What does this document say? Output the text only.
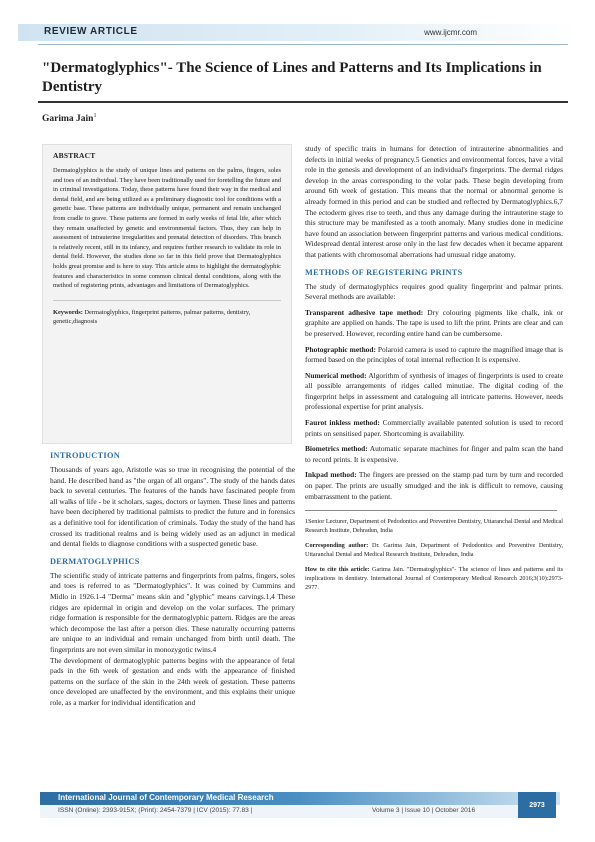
REVIEW ARTICLE	www.ijcmr.com
"Dermatoglyphics"- The Science of Lines and Patterns and Its Implications in Dentistry
Garima Jain$^1$
ABSTRACT

Dermatoglyphics is the study of unique lines and patterns on the palms, fingers, soles and toes of an individual. They have been traditionally used for foretelling the future and in criminal investigations. Today, these patterns have found their way in the medical and dental field, and are being utilized as a preliminary diagnostic tool for conditions with a genetic base. These patterns are individually unique, permanent and remain unchanged from cradle to grave. These patterns are formed in early weeks of fetal life, after which they remain unaffected by genetic and environmental factors. Thus, they can help in assessment of intrauterine irregularities and prenatal detection of disorders. This branch is relatively recent, still in its infancy, and requires further research to validate its role in dental field. However, the studies done so far in this field prove that Dermatoglyphics holds great promise and is here to stay. This article aims to highlight the dermatoglyphic features and characteristics in some common clinical dental conditions, along with the method of registering prints, advantages and limitations of Dermatoglyphics.

Keywords: Dermatoglyphics, fingerprint patterns, palmar patterns, dentistry, genetic,diagnosis
INTRODUCTION

Thousands of years ago, Aristotle was so true in recognising the potential of the hand. He described hand as "the organ of all organs". The study of the hands dates back to several centuries. The features of the hands have fascinated people from all walks of life - be it scholars, sages, doctors or laymen. These lines and patterns have been deciphered by traditional palmists to predict the future and in forensics as a definitive tool for identification of criminals. Today the study of the hand has crossed its traditional realms and is being widely used as an adjunct in medical and dental fields to diagnose conditions with a suspected genetic base.

DERMATOGLYPHICS

The scientific study of intricate patterns and fingerprints from palms, fingers, soles and toes is referred to as "Dermatoglyphics". It was coined by Cummins and Midlo in 1926.1-4 "Derma" means skin and "glyphic" means carvings.1,4 These ridges are epidermal in origin and develop on the volar surfaces. The primary ridge formation is responsible for the dermatoglyphic pattern. Ridges are the areas which decompose the last after a person dies. These naturally occurring patterns are unique to an individual and remain unchanged from birth until death. The fingerprints are not even similar in monozygotic twins.4

The development of dermatoglyphic patterns begins with the appearance of fetal pads in the 6th week of gestation and ends with the appearance of finished patterns on the surface of the skin in the 24th week of gestation. These patterns once developed are unaffected by the environment, and this explains their unique role, as a marker for individual identification and

study of specific traits in humans for detection of intrauterine abnormalities and defects in initial weeks of pregnancy.5 Genetics and environmental forces, have a vital role in the genesis and development of an individual's fingerprints. The dermal ridges develop in the areas corresponding to the volar pads. These begin developing from around 6th week of gestation. This means that the normal or abnormal genome is already formed in this period and can be studied and reflected by Dermatoglyphics.6,7 The ectoderm gives rise to teeth, and thus any damage during the intrauterine stage to this structure may be manifested as a tooth anomaly. Many studies done in medicine have found an association between fingerprint patterns and various medical conditions. Widespread dental interest arose only in the last few decades when it became apparent that patients with chromosomal aberrations had unusual ridge anatomy.

METHODS OF REGISTERING PRINTS

The study of dermatoglyphics requires good quality fingerprint and palmar prints. Several methods are available:

Transparent adhesive tape method: Dry colouring pigments like chalk, ink or graphite are applied on hands. The tape is used to lift the print. Prints are clear and can be preserved. However, recording entire hand can be cumbersome.

Photographic method: Polaroid camera is used to capture the magnified image that is formed based on the principles of total internal reflection It is expensive.

Numerical method: Algorithm of synthesis of images of fingerprints is used to create all possible arrangements of ridges called minutiae. The digital coding of the fingerprint helps in assessment and cataloguing all intricate patterns. However, needs professional expertise for print analysis.

Faurot inkless method: Commercially available patented solution is used to record prints on sensitised paper. Shortcoming is availability.

Biometrics method: Automatic separate machines for finger and palm scan the hand to record prints. It is expensive.

Inkpad method: The fingers are pressed on the stamp pad turn by turn and recorded on paper. The prints are usually smudged and the ink is difficult to remove, causing embarrassment to the patient.

1Senior Lecturer, Department of Pedodontics and Preventive Dentistry, Uttaranchal Dental and Medical Research Institute, Dehradun, India

Corresponding author: Dr. Garima Jain, Department of Pedodontics and Preventive Dentistry, Uttaranchal Dental and Medical Research Institute, Dehradun, India

How to cite this article: Garima Jain. "Dermatoglyphics"- The science of lines and patterns and its implications in dentistry. International Journal of Contemporary Medical Research 2016;3(10):2973-2977.

International Journal of Contemporary Medical Research
ISSN (Online): 2393-915X; (Print): 2454-7379 | ICV (2015): 77.83 |	Volume 3 | Issue 10 | October 2016
2973
